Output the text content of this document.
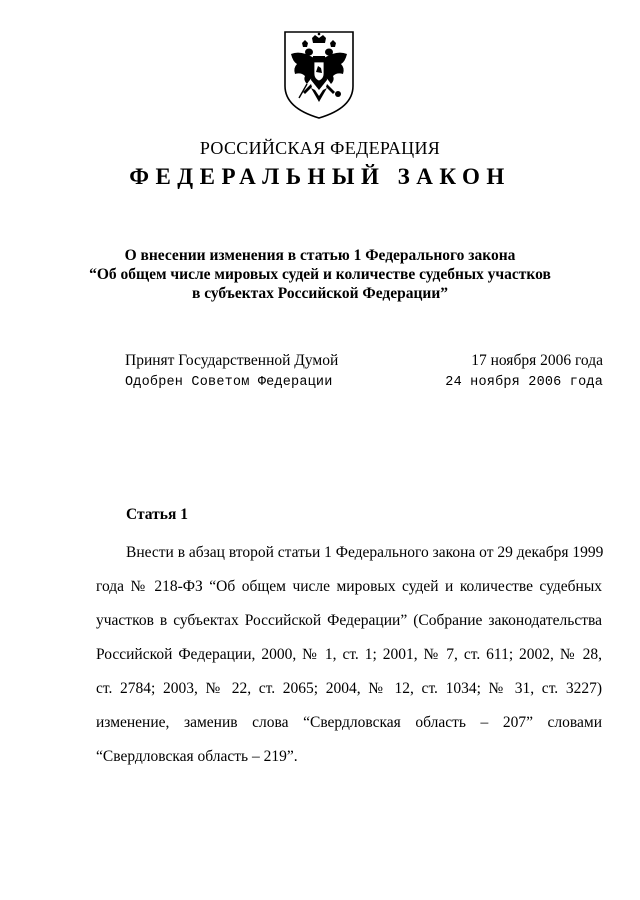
РОССИЙСКАЯ ФЕДЕРАЦИЯ
ФЕДЕРАЛЬНЫЙ ЗАКОН
О внесении изменения в статью 1 Федерального закона
“Об общем числе мировых судей и количестве судебных участков
в субъектах Российской Федерации”
Принят Государственной Думой	17 ноября 2006 года
Одобрен Советом Федерации	24 ноября 2006 года
Статья 1
Внести в абзац второй статьи 1 Федерального закона от 29 декабря 1999
года № 218-ФЗ “Об общем числе мировых судей и количестве судебных
участков в субъектах Российской Федерации” (Собрание законодательства
Российской Федерации, 2000, № 1, ст. 1; 2001, № 7, ст. 611; 2002, № 28,
ст. 2784; 2003, № 22, ст. 2065; 2004, № 12, ст. 1034; № 31, ст. 3227)
изменение, заменив слова “Свердловская область – 207” словами
“Свердловская область – 219”.
